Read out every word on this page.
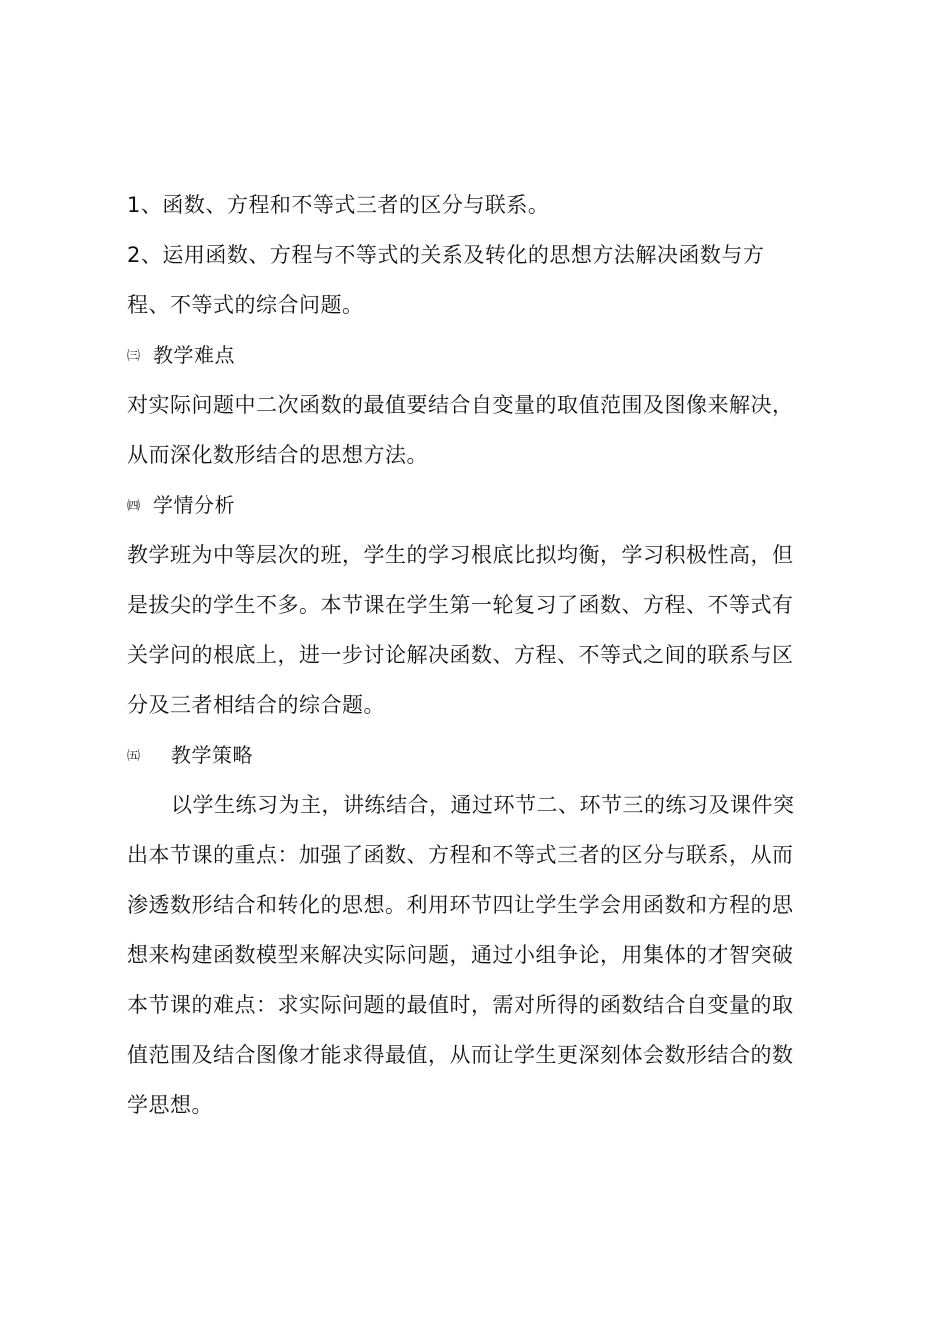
1、函数、方程和不等式三者的区分与联系。
2、运用函数、方程与不等式的关系及转化的思想方法解决函数与方
程、不等式的综合问题。
㈢ 教学难点
对实际问题中二次函数的最值要结合自变量的取值范围及图像来解决，
从而深化数形结合的思想方法。
㈣ 学情分析
教学班为中等层次的班，学生的学习根底比拟均衡，学习积极性高，但
是拔尖的学生不多。本节课在学生第一轮复习了函数、方程、不等式有
关学问的根底上，进一步讨论解决函数、方程、不等式之间的联系与区
分及三者相结合的综合题。
㈤ 教学策略
以学生练习为主，讲练结合，通过环节二、环节三的练习及课件突
出本节课的重点：加强了函数、方程和不等式三者的区分与联系，从而
渗透数形结合和转化的思想。利用环节四让学生学会用函数和方程的思
想来构建函数模型来解决实际问题，通过小组争论，用集体的才智突破
本节课的难点：求实际问题的最值时，需对所得的函数结合自变量的取
值范围及结合图像才能求得最值，从而让学生更深刻体会数形结合的数
学思想。
